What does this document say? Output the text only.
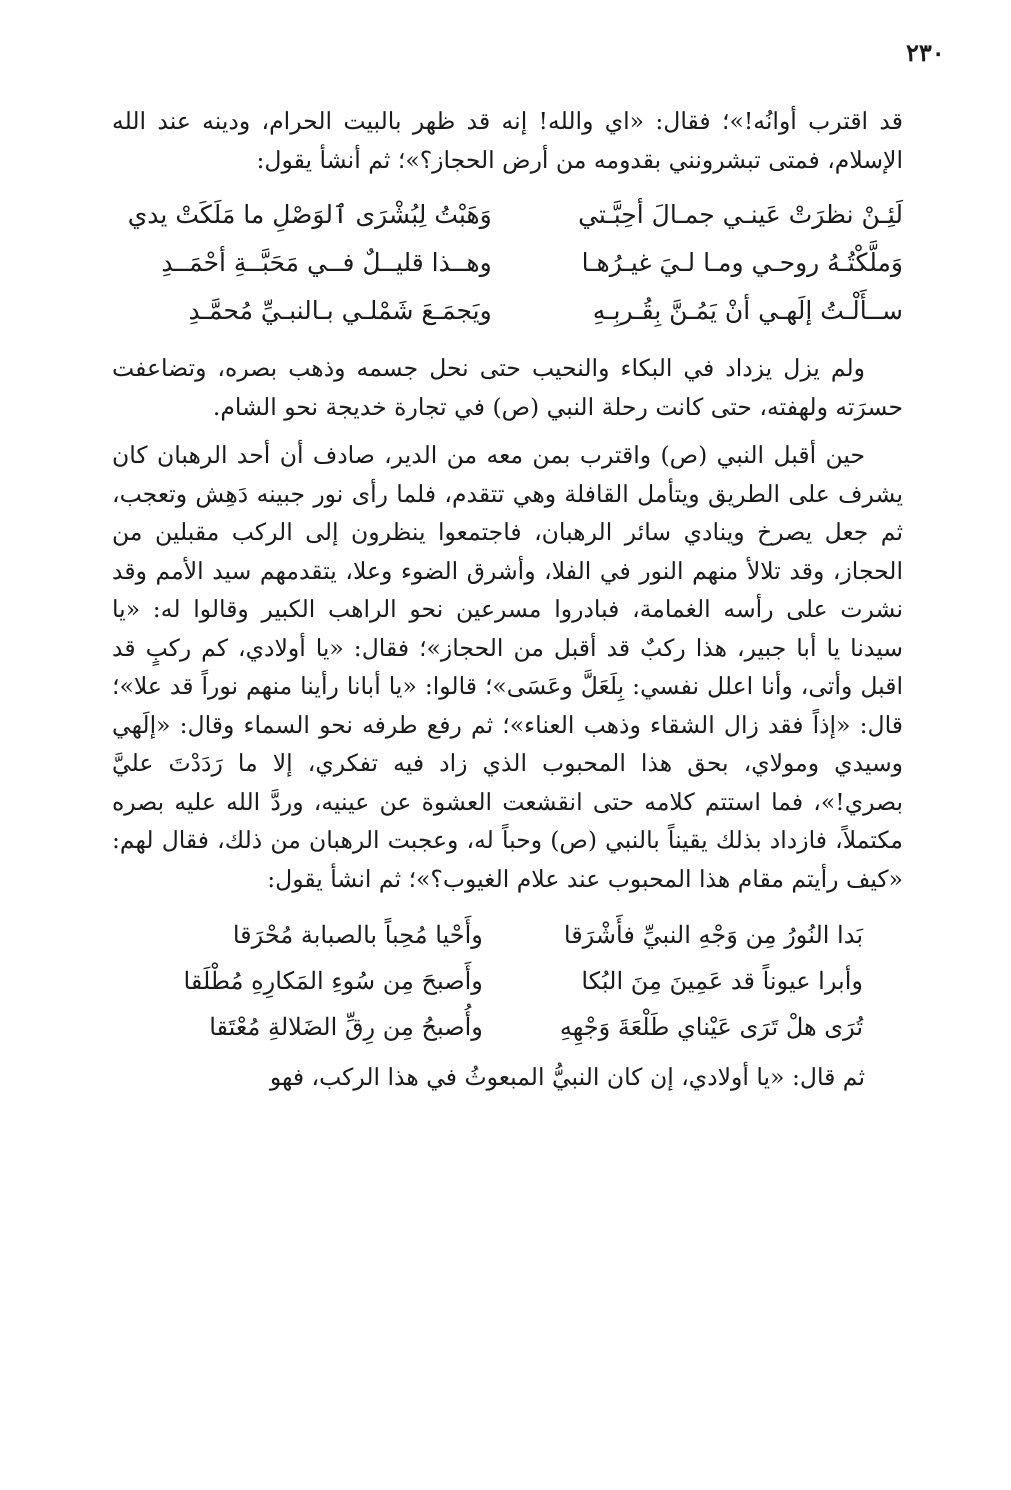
٢٣٠

قد اقترب أوانُه!»؛ فقال: «اي والله! إنه قد ظهر بالبيت الحرام، ودينه عند الله الإسلام، فمتى تبشرونني بقدومه من أرض الحجاز؟»؛ ثم أنشأ يقول:

لَئِـنْ نظرَتْ عَينـي جمـالَ أحِبَّـتي
وَهَبْتُ لِبُشْرَى ٱلوَصْلِ ما مَلَكَتْ يدي
وَملَّكْتُـهُ روحـي ومـا لـيَ غيـرُهـا
وهــذا قليــلٌ فــي مَحَبَّــةِ أحْمَــدِ
ســأَلْـتُ إلَهـي أنْ يَمُـنَّ بِقُـربِـهِ
ويَجمَـعَ شَمْلـي بـالنبـيِّ مُحمَّـدِ

ولم يزل يزداد في البكاء والنحيب حتى نحل جسمه وذهب بصره، وتضاعفت حسرَته ولهفته، حتى كانت رحلة النبي (ص) في تجارة خديجة نحو الشام.

حين أقبل النبي (ص) واقترب بمن معه من الدير، صادف أن أحد الرهبان كان يشرف على الطريق ويتأمل القافلة وهي تتقدم، فلما رأى نور جبينه دَهِش وتعجب، ثم جعل يصرخ وينادي سائر الرهبان، فاجتمعوا ينظرون إلى الركب مقبلين من الحجاز، وقد تلالأ منهم النور في الفلا، وأشرق الضوء وعلا، يتقدمهم سيد الأمم وقد نشرت على رأسه الغمامة، فبادروا مسرعين نحو الراهب الكبير وقالوا له: «يا سيدنا يا أبا جبير، هذا ركبٌ قد أقبل من الحجاز»؛ فقال: «يا أولادي، كم ركبٍ قد اقبل وأتى، وأنا اعلل نفسي: بِلَعَلَّ وعَسَى»؛ قالوا: «يا أبانا رأينا منهم نوراً قد علا»؛ قال: «إذاً فقد زال الشقاء وذهب العناء»؛ ثم رفع طرفه نحو السماء وقال: «إلَهي وسيدي ومولاي، بحق هذا المحبوب الذي زاد فيه تفكري، إلا ما رَدَدْتَ عليَّ بصري!»، فما استتم كلامه حتى انقشعت العشوة عن عينيه، وردَّ الله عليه بصره مكتملاً، فازداد بذلك يقيناً بالنبي (ص) وحباً له، وعجبت الرهبان من ذلك، فقال لهم: «كيف رأيتم مقام هذا المحبوب عند علام الغيوب؟»؛ ثم انشأ يقول:

بَدا النُورُ مِن وَجْهِ النبيِّ فأَشْرَقا
وأَحْيا مُحِباً بالصبابة مُحْرَقا
وأبرا عيوناً قد عَمِينَ مِنَ البُكا
وأَصبحَ مِن سُوءِ المَكارِهِ مُطْلَقا
تُرَى هلْ تَرَى عَيْناي طَلْعَةَ وَجْهِهِ
وأُصبحُ مِن رِقِّ الضَلالةِ مُعْتَقا

ثم قال: «يا أولادي، إن كان النبيُّ المبعوثُ في هذا الركب، فهو
